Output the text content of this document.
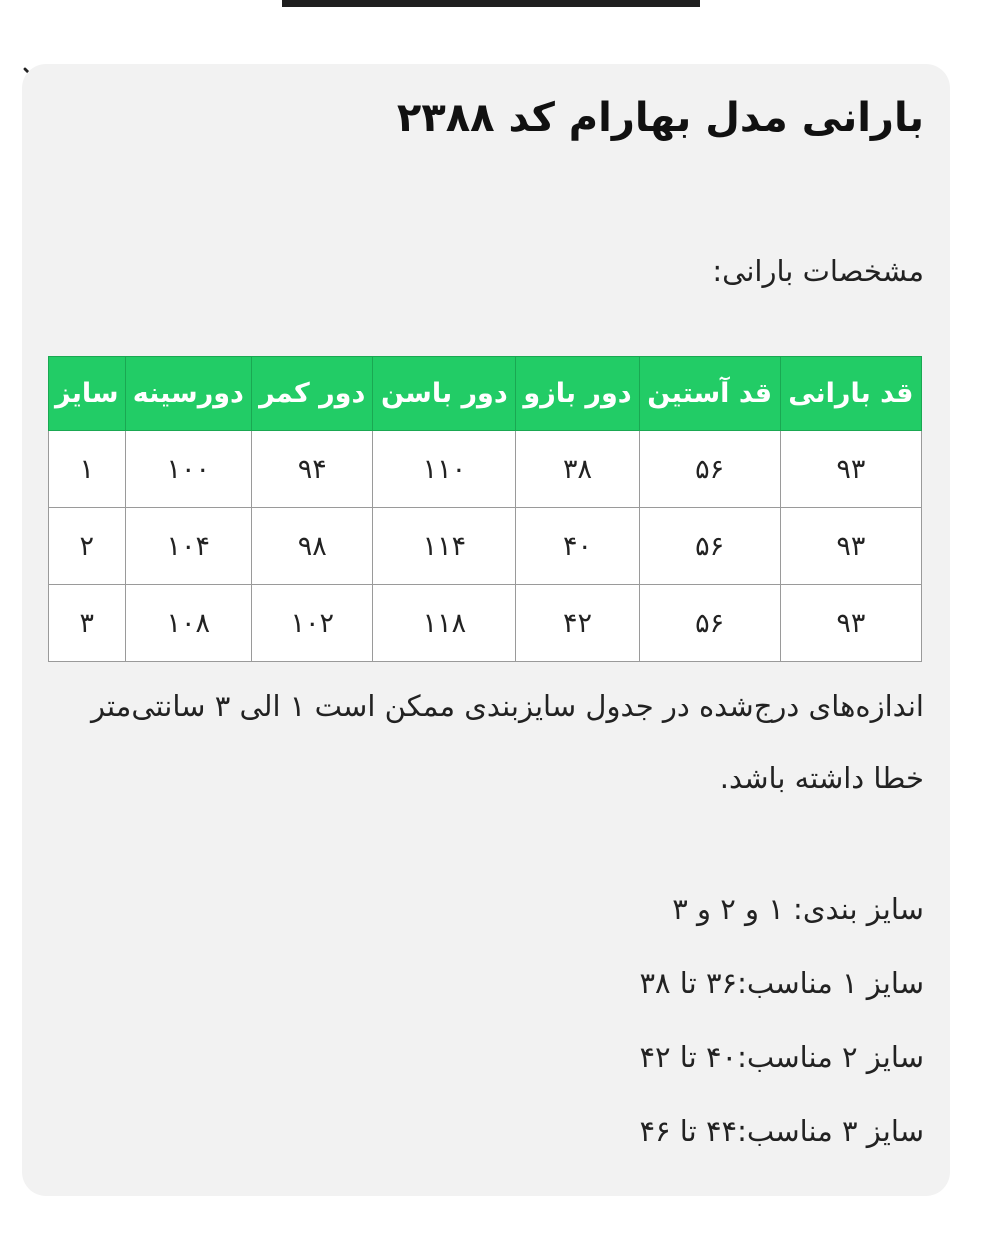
بارانی مدل بهارام کد ۲۳۸۸

مشخصات بارانی:

قد بارانی	قد آستین	دور بازو	دور باسن	دور کمر	دورسینه	سایز
۹۳	۵۶	۳۸	۱۱۰	۹۴	۱۰۰	۱
۹۳	۵۶	۴۰	۱۱۴	۹۸	۱۰۴	۲
۹۳	۵۶	۴۲	۱۱۸	۱۰۲	۱۰۸	۳

اندازه‌های درج‌شده در جدول سایزبندی ممکن است ۱ الی ۳ سانتی‌متر خطا داشته باشد.

سایز بندی: ۱ و ۲ و ۳

سایز ۱ مناسب:۳۶ تا ۳۸

سایز ۲ مناسب:۴۰ تا ۴۲

سایز ۳ مناسب:۴۴ تا ۴۶
